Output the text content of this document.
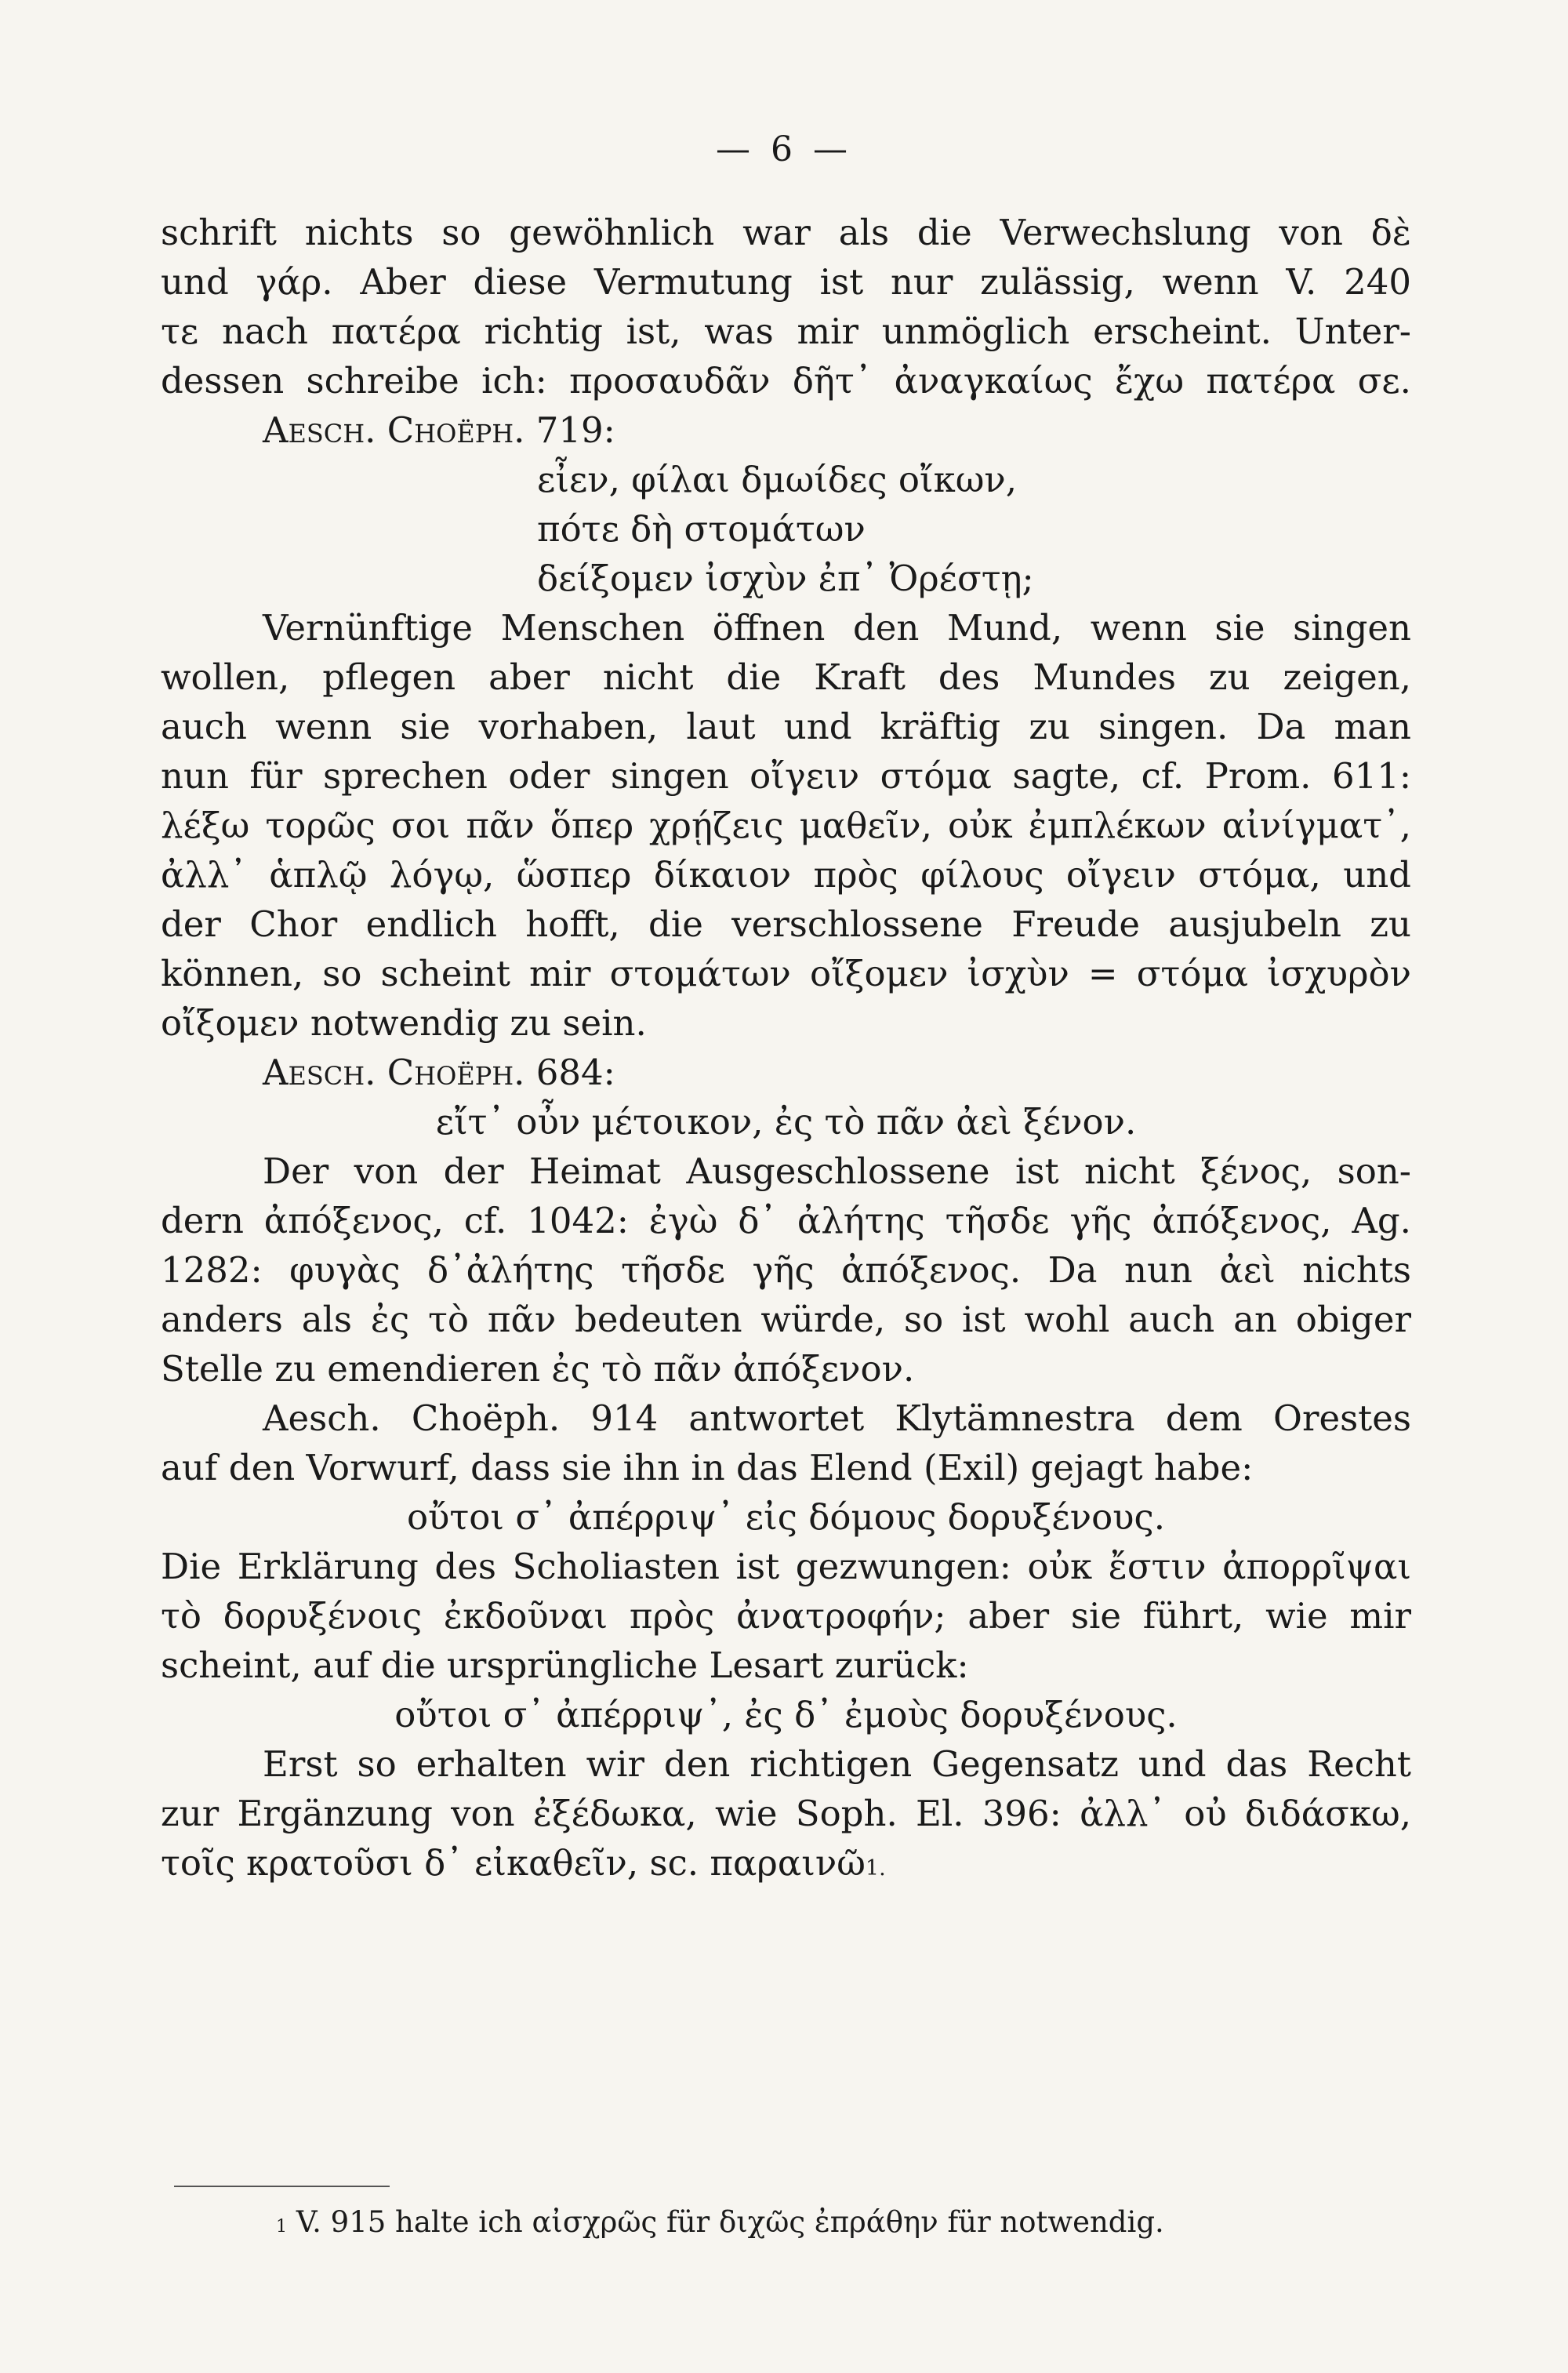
— 6 —
schrift nichts so gewöhnlich war als die Verwechslung von δὲ
und γάρ. Aber diese Vermutung ist nur zulässig, wenn V. 240
τε nach πατέρα richtig ist, was mir unmöglich erscheint. Unter-
dessen schreibe ich: προσαυδᾶν δῆτ᾽ ἀναγκαίως ἔχω πατέρα σε.
Aesch. Choëph. 719:
εἶεν, φίλαι δμωίδες οἴκων,
πότε δὴ στομάτων
δείξομεν ἰσχὺν ἐπ᾽ Ὀρέστῃ;
Vernünftige Menschen öffnen den Mund, wenn sie singen
wollen, pflegen aber nicht die Kraft des Mundes zu zeigen,
auch wenn sie vorhaben, laut und kräftig zu singen. Da man
nun für sprechen oder singen οἴγειν στόμα sagte, cf. Prom. 611:
λέξω τορῶς σοι πᾶν ὅπερ χρῄζεις μαθεῖν, οὐκ ἐμπλέκων αἰνίγματ᾽,
ἀλλ᾽ ἁπλῷ λόγῳ, ὥσπερ δίκαιον πρὸς φίλους οἴγειν στόμα, und
der Chor endlich hofft, die verschlossene Freude ausjubeln zu
können, so scheint mir στομάτων οἴξομεν ἰσχὺν = στόμα ἰσχυρὸν
οἴξομεν notwendig zu sein.
Aesch. Choëph. 684:
εἴτ᾽ οὖν μέτοικον, ἐς τὸ πᾶν ἀεὶ ξένον.
Der von der Heimat Ausgeschlossene ist nicht ξένος, son-
dern ἀπόξενος, cf. 1042: ἐγὼ δ᾽ ἀλήτης τῆσδε γῆς ἀπόξενος, Ag.
1282: φυγὰς δ᾽ἀλήτης τῆσδε γῆς ἀπόξενος. Da nun ἀεὶ nichts
anders als ἐς τὸ πᾶν bedeuten würde, so ist wohl auch an obiger
Stelle zu emendieren ἐς τὸ πᾶν ἀπόξενον.
Aesch. Choëph. 914 antwortet Klytämnestra dem Orestes
auf den Vorwurf, dass sie ihn in das Elend (Exil) gejagt habe:
οὔτοι σ᾽ ἀπέρριψ᾽ εἰς δόμους δορυξένους.
Die Erklärung des Scholiasten ist gezwungen: οὐκ ἔστιν ἀπορρῖψαι
τὸ δορυξένοις ἐκδοῦναι πρὸς ἀνατροφήν; aber sie führt, wie mir
scheint, auf die ursprüngliche Lesart zurück:
οὔτοι σ᾽ ἀπέρριψ᾽, ἐς δ᾽ ἐμοὺς δορυξένους.
Erst so erhalten wir den richtigen Gegensatz und das Recht
zur Ergänzung von ἐξέδωκα, wie Soph. El. 396: ἀλλ᾽ οὐ διδάσκω,
τοῖς κρατοῦσι δ᾽ εἰκαθεῖν, sc. παραινῶ$^{1.}$
$^1$ V. 915 halte ich αἰσχρῶς für διχῶς ἐπράθην für notwendig.
